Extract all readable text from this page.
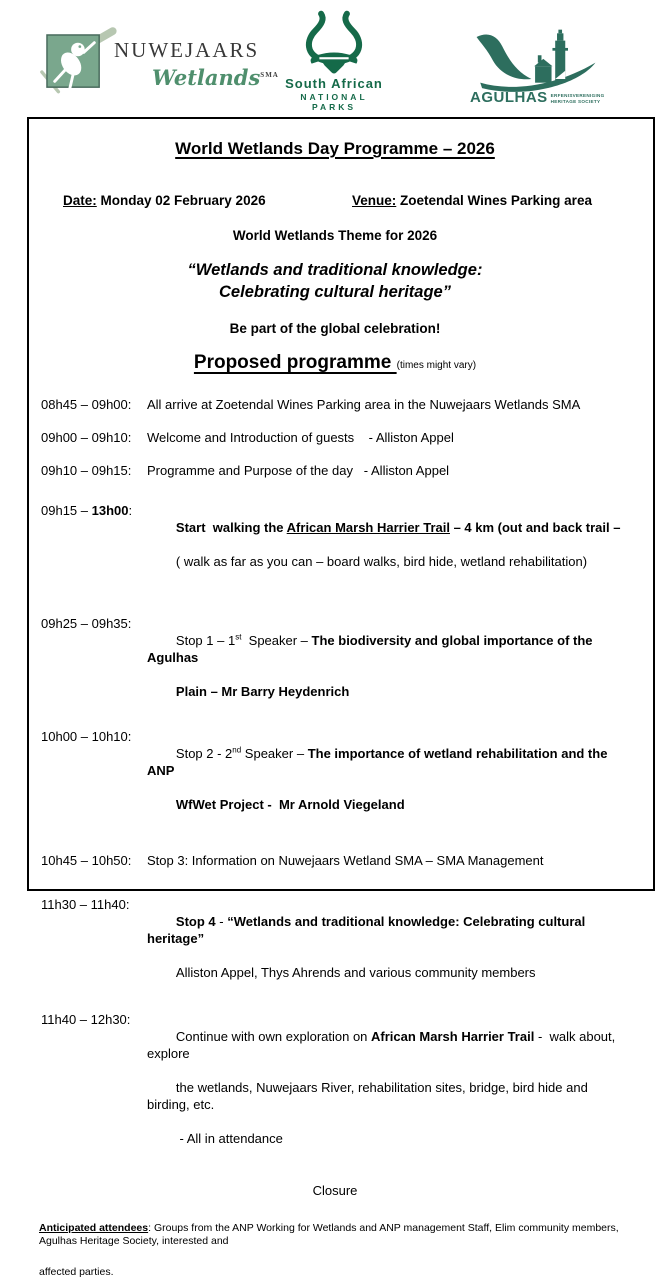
NUWEJAARS
Wetlands$^{SMA}$
South African
NATIONAL PARKS
AGULHAS ERFENISVERENIGING
HERITAGE SOCIETY
World Wetlands Day Programme – 2026
Date: Monday 02 February 2026	Venue: Zoetendal Wines Parking area
World Wetlands Theme for 2026
“Wetlands and traditional knowledge:
Celebrating cultural heritage”
Be part of the global celebration!
Proposed programme (times might vary)
08h45 – 09h00:	All arrive at Zoetendal Wines Parking area in the Nuwejaars Wetlands SMA
09h00 – 09h10:	Welcome and Introduction of guests    - Alliston Appel
09h10 – 09h15:	Programme and Purpose of the day   - Alliston Appel
09h15 – 13h00:

Start  walking the African Marsh Harrier Trail – 4 km (out and back trail –

( walk as far as you can – board walks, bird hide, wetland rehabilitation)

09h25 – 09h35:

Stop 1 – 1st  Speaker – The biodiversity and global importance of the Agulhas

Plain – Mr Barry Heydenrich

10h00 – 10h10:

Stop 2 - 2nd Speaker – The importance of wetland rehabilitation and the ANP

WfWet Project -  Mr Arnold Viegeland

10h45 – 10h50:	Stop 3: Information on Nuwejaars Wetland SMA – SMA Management
11h30 – 11h40:

Stop 4 - “Wetlands and traditional knowledge: Celebrating cultural heritage”

Alliston Appel, Thys Ahrends and various community members

11h40 – 12h30:

Continue with own exploration on African Marsh Harrier Trail -  walk about, explore

the wetlands, Nuwejaars River, rehabilitation sites, bridge, bird hide and birding, etc.

- All in attendance

Closure
Anticipated attendees: Groups from the ANP Working for Wetlands and ANP management Staff, Elim community members, Agulhas Heritage Society, interested and
affected parties.
